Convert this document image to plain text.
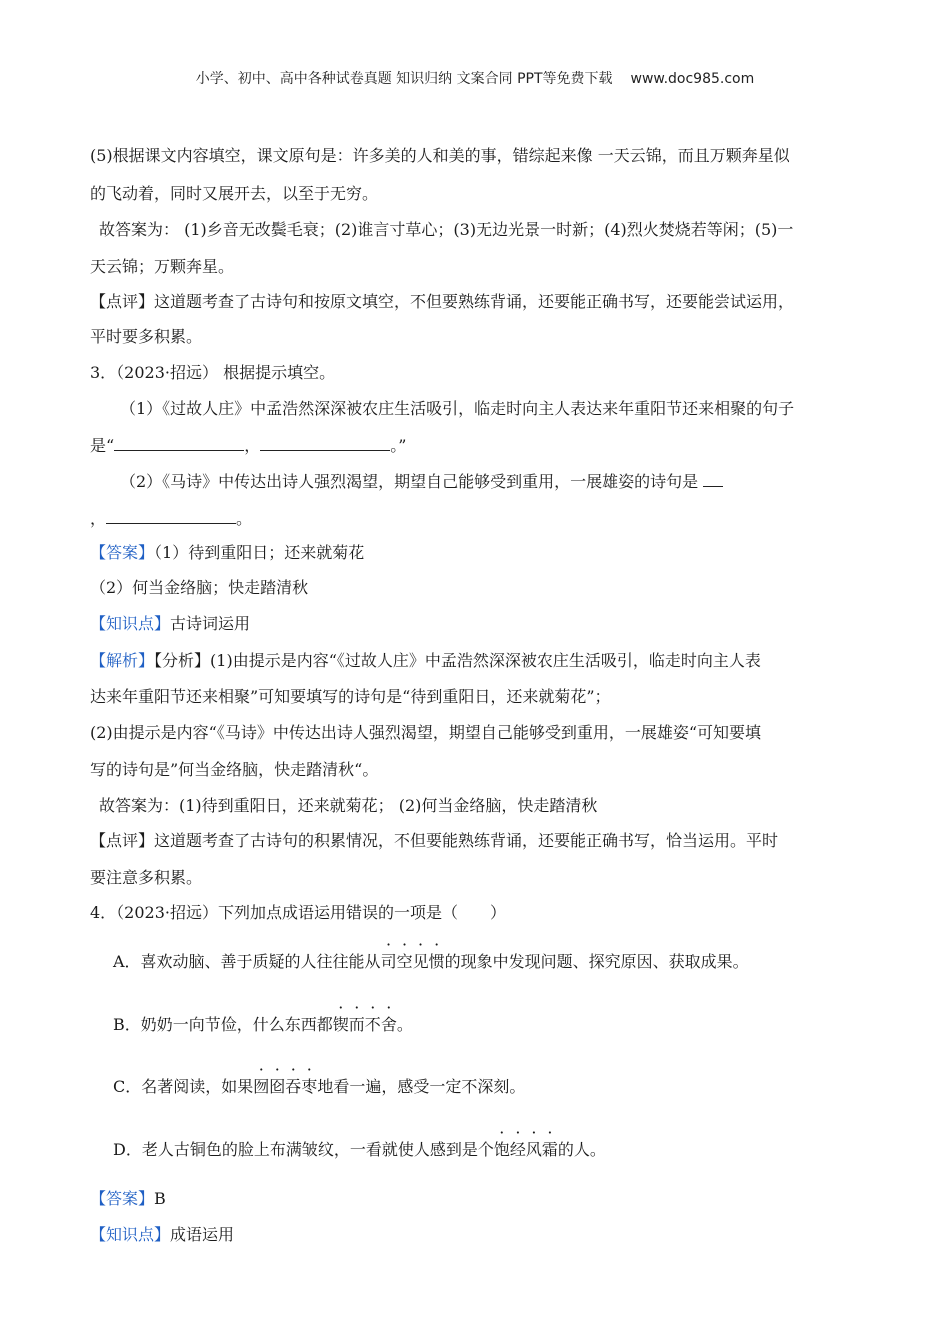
小学、初中、高中各种试卷真题 知识归纳 文案合同 PPT等免费下载 www.doc985.com
(5)根据课文内容填空，课文原句是：许多美的人和美的事，错综起来像 一天云锦，而且万颗奔星似
的飞动着，同时又展开去，以至于无穷。
故答案为： (1)乡音无改鬓毛衰；(2)谁言寸草心；(3)无边光景一时新；(4)烈火焚烧若等闲；(5)一
天云锦；万颗奔星。
【点评】这道题考查了古诗句和按原文填空，不但要熟练背诵，还要能正确书写，还要能尝试运用，
平时要多积累。
3．（2023·招远） 根据提示填空。
（1）《过故人庄》中孟浩然深深被农庄生活吸引，临走时向主人表达来年重阳节还来相聚的句子
是“	，	。”
（2）《马诗》中传达出诗人强烈渴望，期望自己能够受到重用，一展雄姿的诗句是
，	。
【答案】（1）待到重阳日；还来就菊花
（2）何当金络脑；快走踏清秋
【知识点】古诗词运用
【解析】【分析】(1)由提示是内容“《过故人庄》中孟浩然深深被农庄生活吸引，临走时向主人表
达来年重阳节还来相聚”可知要填写的诗句是“待到重阳日，还来就菊花”；
(2)由提示是内容“《马诗》中传达出诗人强烈渴望，期望自己能够受到重用，一展雄姿“可知要填
写的诗句是”何当金络脑，快走踏清秋“。
故答案为：(1)待到重阳日，还来就菊花； (2)何当金络脑，快走踏清秋
【点评】这道题考查了古诗句的积累情况，不但要能熟练背诵，还要能正确书写，恰当运用。平时
要注意多积累。
4．（2023·招远）下列加点成语运用错误的一项是（　　）
A．喜欢动脑、善于质疑的人往往能从司空见惯的现象中发现问题、探究原因、获取成果。
B．奶奶一向节俭，什么东西都锲而不舍。
C．名著阅读，如果囫囵吞枣地看一遍，感受一定不深刻。
D．老人古铜色的脸上布满皱纹，一看就使人感到是个饱经风霜的人。
【答案】B
【知识点】成语运用
